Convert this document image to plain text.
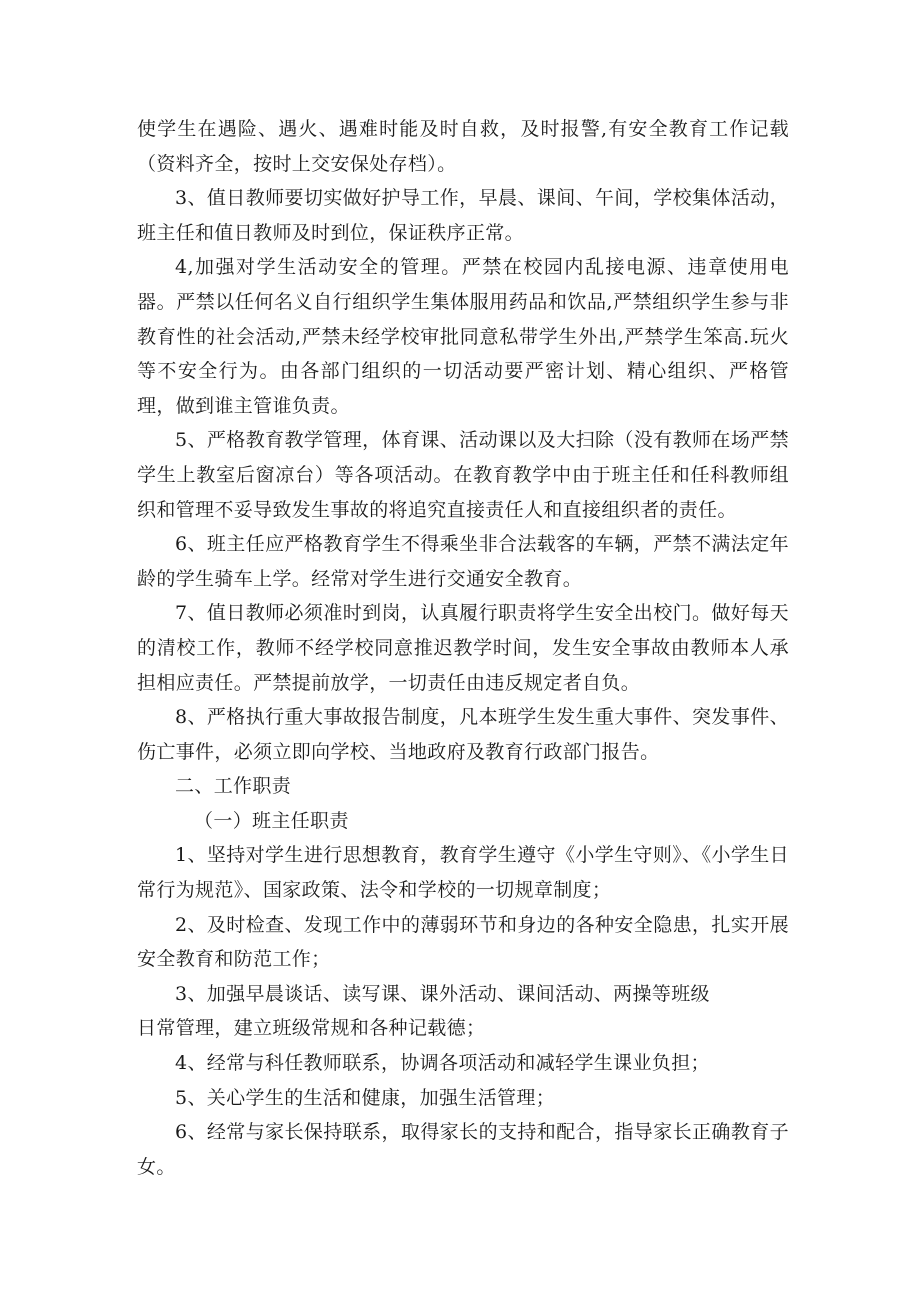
使学生在遇险、遇火、遇难时能及时自救，及时报警,有安全教育工作记载（资料齐全，按时上交安保处存档）。

3、值日教师要切实做好护导工作，早晨、课间、午间，学校集体活动，班主任和值日教师及时到位，保证秩序正常。

4,加强对学生活动安全的管理。严禁在校园内乱接电源、违章使用电器。严禁以任何名义自行组织学生集体服用药品和饮品,严禁组织学生参与非教育性的社会活动,严禁未经学校审批同意私带学生外出,严禁学生笨高.玩火等不安全行为。由各部门组织的一切活动要严密计划、精心组织、严格管理，做到谁主管谁负责。

5、严格教育教学管理，体育课、活动课以及大扫除（没有教师在场严禁学生上教室后窗凉台）等各项活动。在教育教学中由于班主任和任科教师组织和管理不妥导致发生事故的将追究直接责任人和直接组织者的责任。

6、班主任应严格教育学生不得乘坐非合法载客的车辆，严禁不满法定年龄的学生骑车上学。经常对学生进行交通安全教育。

7、值日教师必须准时到岗，认真履行职责将学生安全出校门。做好每天的清校工作，教师不经学校同意推迟教学时间，发生安全事故由教师本人承担相应责任。严禁提前放学，一切责任由违反规定者自负。

8、严格执行重大事故报告制度，凡本班学生发生重大事件、突发事件、伤亡事件，必须立即向学校、当地政府及教育行政部门报告。

二、工作职责

（一）班主任职责

1、坚持对学生进行思想教育，教育学生遵守《小学生守则》、《小学生日常行为规范》、国家政策、法令和学校的一切规章制度；

2、及时检查、发现工作中的薄弱环节和身边的各种安全隐患，扎实开展安全教育和防范工作；

3、加强早晨谈话、读写课、课外活动、课间活动、两操等班级
日常管理，建立班级常规和各种记载德；

4、经常与科任教师联系，协调各项活动和减轻学生课业负担；

5、关心学生的生活和健康，加强生活管理；

6、经常与家长保持联系，取得家长的支持和配合，指导家长正确教育子女。
